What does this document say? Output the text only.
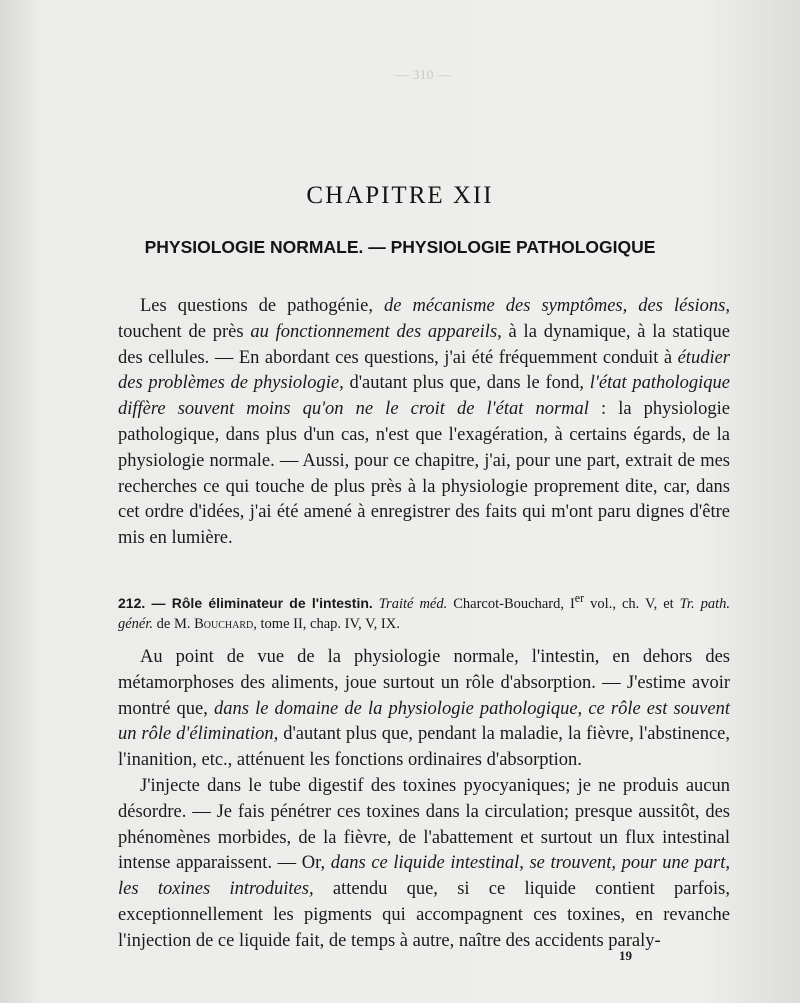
— 310 —
CHAPITRE XII
PHYSIOLOGIE NORMALE. — PHYSIOLOGIE PATHOLOGIQUE

Les questions de pathogénie, de mécanisme des symptômes, des lésions, touchent de près au fonctionnement des appareils, à la dynamique, à la statique des cellules. — En abordant ces questions, j'ai été fréquemment conduit à étudier des problèmes de physiologie, d'autant plus que, dans le fond, l'état pathologique diffère souvent moins qu'on ne le croit de l'état normal : la physiologie pathologique, dans plus d'un cas, n'est que l'exagération, à certains égards, de la physiologie normale. — Aussi, pour ce chapitre, j'ai, pour une part, extrait de mes recherches ce qui touche de plus près à la physiologie proprement dite, car, dans cet ordre d'idées, j'ai été amené à enregistrer des faits qui m'ont paru dignes d'être mis en lumière.

212. — Rôle éliminateur de l'intestin. Traité méd. Charcot-Bouchard, Ier vol., ch. V, et Tr. path. génér. de M. Bouchard, tome II, chap. IV, V, IX.

Au point de vue de la physiologie normale, l'intestin, en dehors des métamorphoses des aliments, joue surtout un rôle d'absorption. — J'estime avoir montré que, dans le domaine de la physiologie pathologique, ce rôle est souvent un rôle d'élimination, d'autant plus que, pendant la maladie, la fièvre, l'abstinence, l'inanition, etc., atténuent les fonctions ordinaires d'absorption.

J'injecte dans le tube digestif des toxines pyocyaniques; je ne produis aucun désordre. — Je fais pénétrer ces toxines dans la circulation; presque aussitôt, des phénomènes morbides, de la fièvre, de l'abattement et surtout un flux intestinal intense apparaissent. — Or, dans ce liquide intestinal, se trouvent, pour une part, les toxines introduites, attendu que, si ce liquide contient parfois, exceptionnellement les pigments qui accompagnent ces toxines, en revanche l'injection de ce liquide fait, de temps à autre, naître des accidents paraly-

19
